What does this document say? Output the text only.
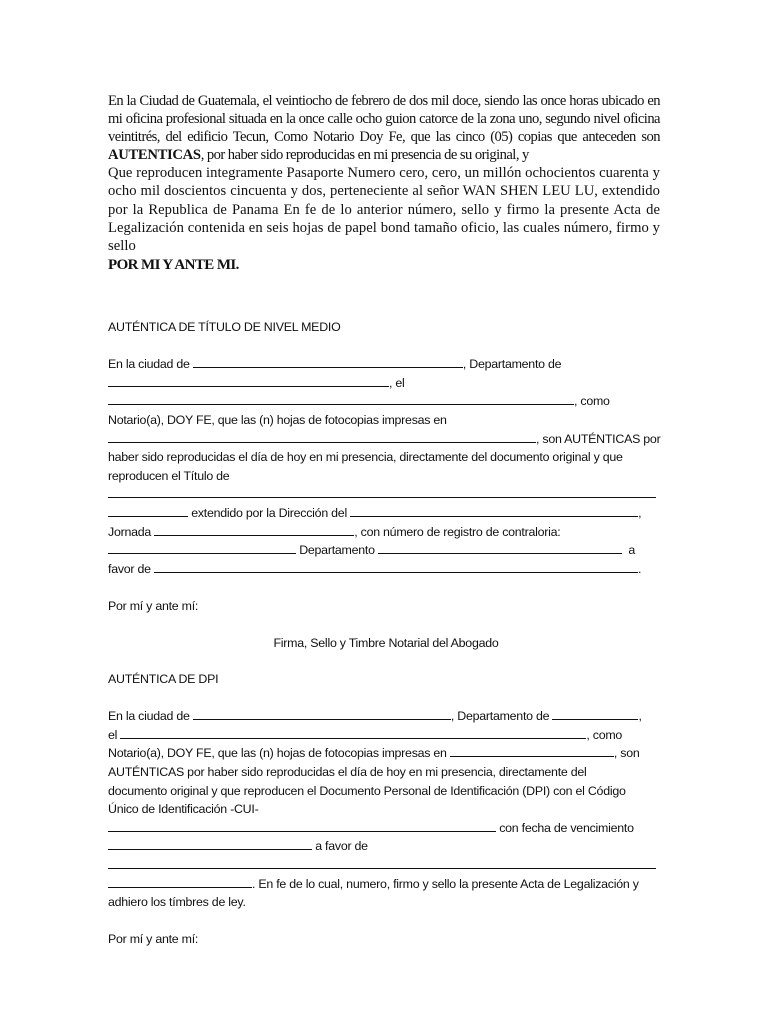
En la Ciudad de Guatemala, el veintiocho de febrero de dos mil doce, siendo las once horas ubicado en mi oficina profesional situada en la once calle ocho guion catorce de la zona uno, segundo nivel oficina veintitrés, del edificio Tecun, Como Notario Doy Fe, que las cinco (05) copias que anteceden son AUTENTICAS, por haber sido reproducidas en mi presencia de su original, y

Que reproducen integramente Pasaporte Numero cero, cero, un millón ochocientos cuarenta y ocho mil doscientos cincuenta y dos, perteneciente al señor WAN SHEN LEU LU, extendido por la Republica de Panama En fe de lo anterior número, sello y firmo la presente Acta de Legalización contenida en seis hojas de papel bond tamaño oficio, las cuales número, firmo y sello

POR MI Y ANTE MI.

AUTÉNTICA DE TÍTULO DE NIVEL MEDIO

En la ciudad de	, Departamento de
, el
, como
Notario(a), DOY FE, que las (n) hojas de fotocopias impresas en
, son AUTÉNTICAS por
haber sido reproducidas el día de hoy en mi presencia, directamente del documento original y que
reproducen el Título de
extendido por la Dirección del	,
Jornada	, con número de registro de contraloria:
Departamento	a
favor de	.

Por mí y ante mí:

Firma, Sello y Timbre Notarial del Abogado
AUTÉNTICA DE DPI

En la ciudad de	, Departamento de	,
el	, como
Notario(a), DOY FE, que las (n) hojas de fotocopias impresas en	, son
AUTÉNTICAS por haber sido reproducidas el día de hoy en mi presencia, directamente del
documento original y que reproducen el Documento Personal de Identificación (DPI) con el Código
Único de Identificación -CUI-
con fecha de vencimiento
a favor de
. En fe de lo cual, numero, firmo y sello la presente Acta de Legalización y
adhiero los tímbres de ley.

Por mí y ante mí:
